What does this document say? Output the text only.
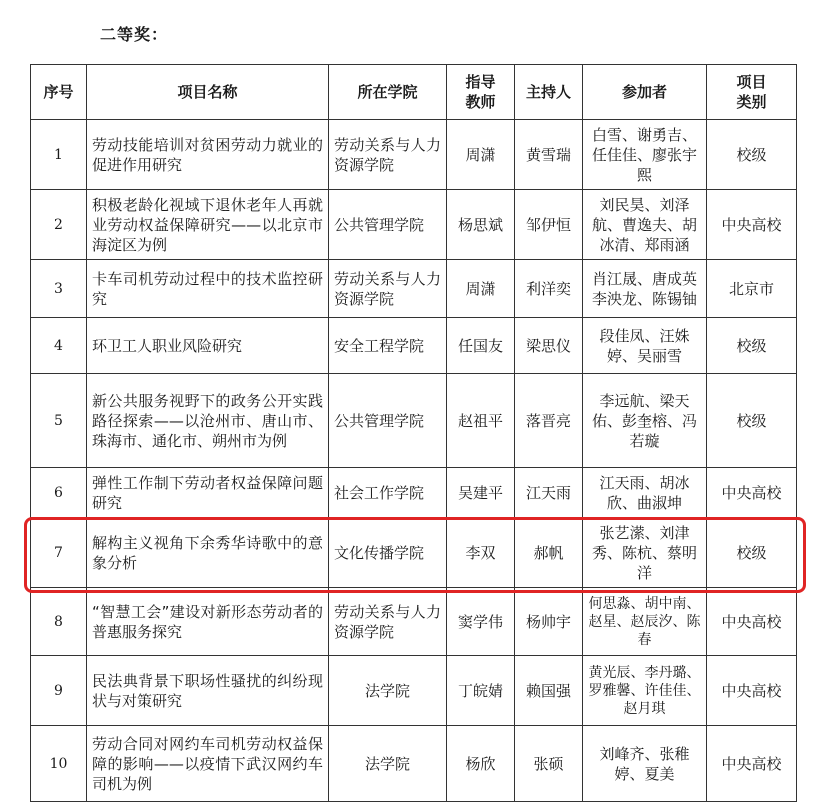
二等奖：
序号	项目名称	所在学院	指导教师	主持人	参加者	项目类别
1	劳动技能培训对贫困劳动力就业的促进作用研究	劳动关系与人力资源学院	周潇	黄雪瑞	白雪、谢勇吉、任佳佳、廖张宇熙	校级
2	积极老龄化视域下退休老年人再就业劳动权益保障研究——以北京市海淀区为例	公共管理学院	杨思斌	邹伊恒	刘民昊、刘泽航、曹逸夫、胡冰清、郑雨涵	中央高校
3	卡车司机劳动过程中的技术监控研究	劳动关系与人力资源学院	周潇	利洋奕	肖江晟、唐成英李泱龙、陈锡铀	北京市
4	环卫工人职业风险研究	安全工程学院	任国友	梁思仪	段佳凤、汪姝婷、吴丽雪	校级
5	新公共服务视野下的政务公开实践路径探索——以沧州市、唐山市、珠海市、通化市、朔州市为例	公共管理学院	赵祖平	落晋亮	李远航、梁天佑、彭奎榕、冯若璇	校级
6	弹性工作制下劳动者权益保障问题研究	社会工作学院	吴建平	江天雨	江天雨、胡冰欣、曲淑坤	中央高校
7	解构主义视角下余秀华诗歌中的意象分析	文化传播学院	李双	郝帆	张艺潆、刘津秀、陈杭、蔡明洋	校级
8	“智慧工会”建设对新形态劳动者的普惠服务探究	劳动关系与人力资源学院	窦学伟	杨帅宇	何思淼、胡中南、赵星、赵辰汐、陈春	中央高校
9	民法典背景下职场性骚扰的纠纷现状与对策研究	法学院	丁皖婧	赖国强	黄光辰、李丹璐、罗雅馨、许佳佳、赵月琪	中央高校
10	劳动合同对网约车司机劳动权益保障的影响——以疫情下武汉网约车司机为例	法学院	杨欣	张硕	刘峰齐、张稚婷、夏美	中央高校
